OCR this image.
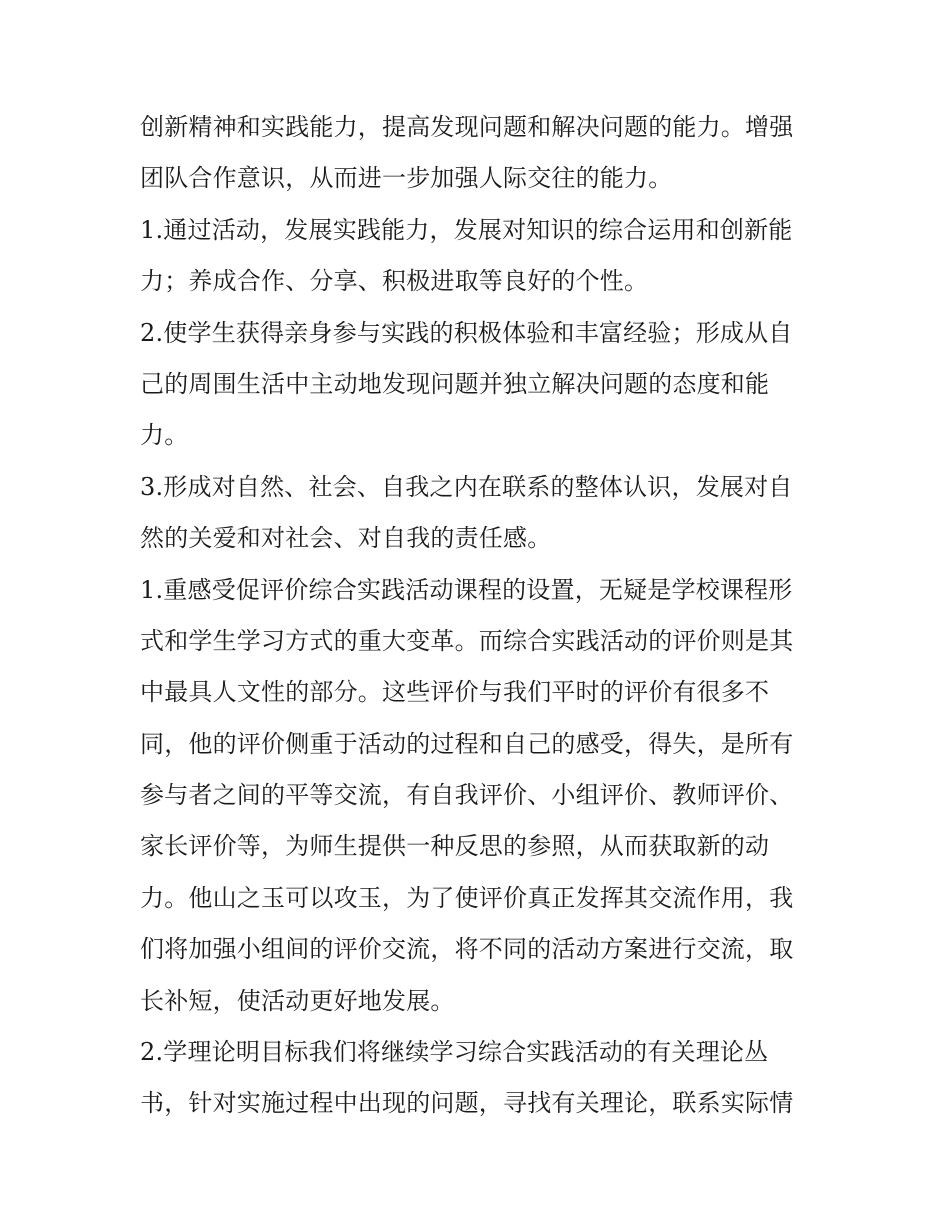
创新精神和实践能力，提高发现问题和解决问题的能力。增强
团队合作意识，从而进一步加强人际交往的能力。
1.通过活动，发展实践能力，发展对知识的综合运用和创新能
力；养成合作、分享、积极进取等良好的个性。
2.使学生获得亲身参与实践的积极体验和丰富经验；形成从自
己的周围生活中主动地发现问题并独立解决问题的态度和能
力。
3.形成对自然、社会、自我之内在联系的整体认识，发展对自
然的关爱和对社会、对自我的责任感。
1.重感受促评价综合实践活动课程的设置，无疑是学校课程形
式和学生学习方式的重大变革。而综合实践活动的评价则是其
中最具人文性的部分。这些评价与我们平时的评价有很多不
同，他的评价侧重于活动的过程和自己的感受，得失，是所有
参与者之间的平等交流，有自我评价、小组评价、教师评价、
家长评价等，为师生提供一种反思的参照，从而获取新的动
力。他山之玉可以攻玉，为了使评价真正发挥其交流作用，我
们将加强小组间的评价交流，将不同的活动方案进行交流，取
长补短，使活动更好地发展。
2.学理论明目标我们将继续学习综合实践活动的有关理论丛
书，针对实施过程中出现的问题，寻找有关理论，联系实际情
